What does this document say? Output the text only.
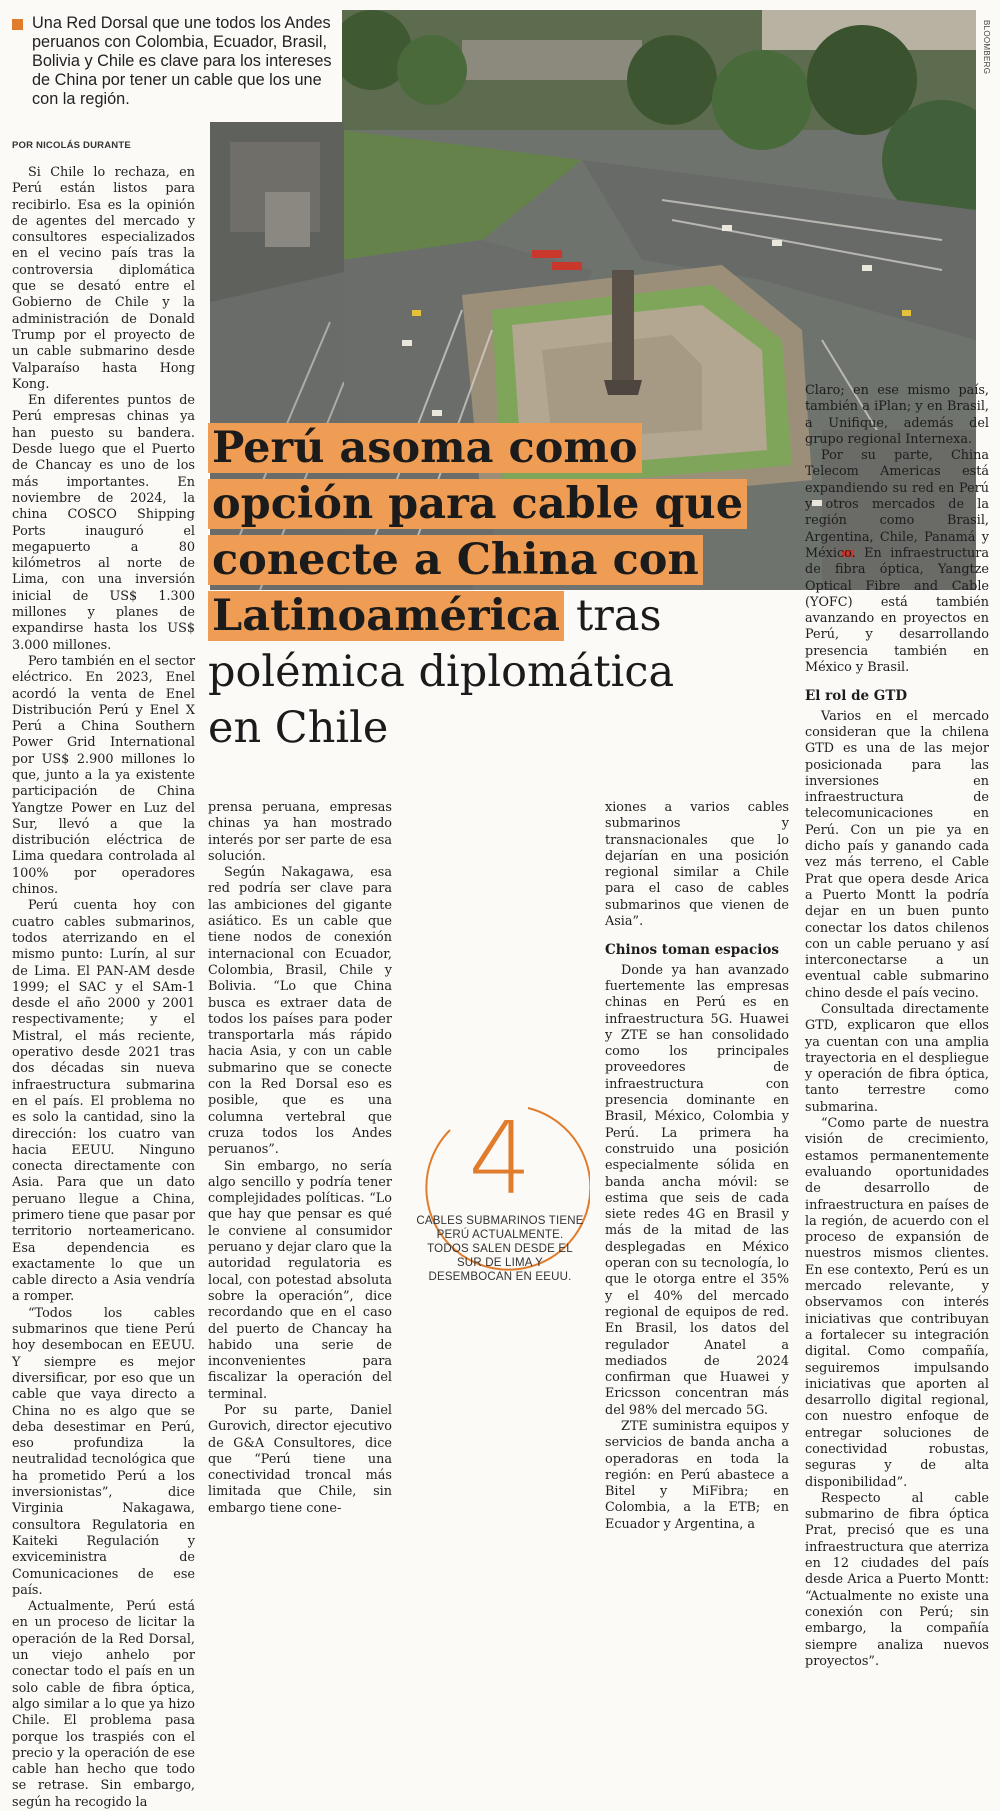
Una Red Dorsal que une todos los Andes peruanos con Colombia, Ecuador, Brasil, Bolivia y Chile es clave para los intereses de China por tener un cable que los une con la región.
POR NICOLÁS DURANTE
BLOOMBERG
Perú asoma como
opción para cable que
conecte a China con
Latinoamérica tras
polémica diplomática
en Chile

Si Chile lo rechaza, en Perú están listos para recibirlo. Esa es la opinión de agentes del mercado y consultores especializados en el vecino país tras la controversia diplomática que se desató entre el Gobierno de Chile y la administración de Donald Trump por el proyecto de un cable submarino desde Valparaíso hasta Hong Kong.

En diferentes puntos de Perú empresas chinas ya han puesto su bandera. Desde luego que el Puerto de Chancay es uno de los más importantes. En noviembre de 2024, la china COSCO Shipping Ports inauguró el megapuerto a 80 kilómetros al norte de Lima, con una inversión inicial de US$ 1.300 millones y planes de expandirse hasta los US$ 3.000 millones.

Pero también en el sector eléctrico. En 2023, Enel acordó la venta de Enel Distribución Perú y Enel X Perú a China Southern Power Grid International por US$ 2.900 millones lo que, junto a la ya existente participación de China Yangtze Power en Luz del Sur, llevó a que la distribución eléctrica de Lima quedara controlada al 100% por operadores chinos.

Perú cuenta hoy con cuatro cables submarinos, todos aterrizando en el mismo punto: Lurín, al sur de Lima. El PAN-AM desde 1999; el SAC y el SAm-1 desde el año 2000 y 2001 respectivamente; y el Mistral, el más reciente, operativo desde 2021 tras dos décadas sin nueva infraestructura submarina en el país. El problema no es solo la cantidad, sino la dirección: los cuatro van hacia EEUU. Ninguno conecta directamente con Asia. Para que un dato peruano llegue a China, primero tiene que pasar por territorio norteamericano. Esa dependencia es exactamente lo que un cable directo a Asia vendría a romper.

“Todos los cables submarinos que tiene Perú hoy desembocan en EEUU. Y siempre es mejor diversificar, por eso que un cable que vaya directo a China no es algo que se deba desestimar en Perú, eso profundiza la neutralidad tecnológica que ha prometido Perú a los inversionistas”, dice Virginia Nakagawa, consultora Regulatoria en Kaiteki Regulación y exviceministra de Comunicaciones de ese país.

Actualmente, Perú está en un proceso de licitar la operación de la Red Dorsal, un viejo anhelo por conectar todo el país en un solo cable de fibra óptica, algo similar a lo que ya hizo Chile. El problema pasa porque los traspiés con el precio y la operación de ese cable han hecho que todo se retrase. Sin embargo, según ha recogido la

prensa peruana, empresas chinas ya han mostrado interés por ser parte de esa solución.

Según Nakagawa, esa red podría ser clave para las ambiciones del gigante asiático. Es un cable que tiene nodos de conexión internacional con Ecuador, Colombia, Brasil, Chile y Bolivia. “Lo que China busca es extraer data de todos los países para poder transportarla más rápido hacia Asia, y con un cable submarino que se conecte con la Red Dorsal eso es posible, que es una columna vertebral que cruza todos los Andes peruanos”.

Sin embargo, no sería algo sencillo y podría tener complejidades políticas. “Lo que hay que pensar es qué le conviene al consumidor peruano y dejar claro que la autoridad regulatoria es local, con potestad absoluta sobre la operación”, dice recordando que en el caso del puerto de Chancay ha habido una serie de inconvenientes para fiscalizar la operación del terminal.

Por su parte, Daniel Gurovich, director ejecutivo de G&A Consultores, dice que “Perú tiene una conectividad troncal más limitada que Chile, sin embargo tiene cone-

xiones a varios cables submarinos y transnacionales que lo dejarían en una posición regional similar a Chile para el caso de cables submarinos que vienen de Asia”.

Chinos toman espacios

Donde ya han avanzado fuertemente las empresas chinas en Perú es en infraestructura 5G. Huawei y ZTE se han consolidado como los principales proveedores de infraestructura con presencia dominante en Brasil, México, Colombia y Perú. La primera ha construido una posición especialmente sólida en banda ancha móvil: se estima que seis de cada siete redes 4G en Brasil y más de la mitad de las desplegadas en México operan con su tecnología, lo que le otorga entre el 35% y el 40% del mercado regional de equipos de red. En Brasil, los datos del regulador Anatel a mediados de 2024 confirman que Huawei y Ericsson concentran más del 98% del mercado 5G.

ZTE suministra equipos y servicios de banda ancha a operadoras en toda la región: en Perú abastece a Bitel y MiFibra; en Colombia, a la ETB; en Ecuador y Argentina, a

Claro; en ese mismo país, también a iPlan; y en Brasil, a Unifique, además del grupo regional Internexa.

Por su parte, China Telecom Americas está expandiendo su red en Perú y otros mercados de la región como Brasil, Argentina, Chile, Panamá y México. En infraestructura de fibra óptica, Yangtze Optical Fibre and Cable (YOFC) está también avanzando en proyectos en Perú, y desarrollando presencia también en México y Brasil.

El rol de GTD

Varios en el mercado consideran que la chilena GTD es una de las mejor posicionada para las inversiones en infraestructura de telecomunicaciones en Perú. Con un pie ya en dicho país y ganando cada vez más terreno, el Cable Prat que opera desde Arica a Puerto Montt la podría dejar en un buen punto conectar los datos chilenos con un cable peruano y así interconectarse a un eventual cable submarino chino desde el país vecino.

Consultada directamente GTD, explicaron que ellos ya cuentan con una amplia trayectoria en el despliegue y operación de fibra óptica, tanto terrestre como submarina.

“Como parte de nuestra visión de crecimiento, estamos permanentemente evaluando oportunidades de desarrollo de infraestructura en países de la región, de acuerdo con el proceso de expansión de nuestros mismos clientes. En ese contexto, Perú es un mercado relevante, y observamos con interés iniciativas que contribuyan a fortalecer su integración digital. Como compañía, seguiremos impulsando iniciativas que aporten al desarrollo digital regional, con nuestro enfoque de entregar soluciones de conectividad robustas, seguras y de alta disponibilidad”.

Respecto al cable submarino de fibra óptica Prat, precisó que es una infraestructura que aterriza en 12 ciudades del país desde Arica a Puerto Montt: “Actualmente no existe una conexión con Perú; sin embargo, la compañía siempre analiza nuevos proyectos”.

4
CABLES SUBMARINOS TIENE PERÚ ACTUALMENTE. TODOS SALEN DESDE EL SUR DE LIMA Y DESEMBOCAN EN EEUU.
